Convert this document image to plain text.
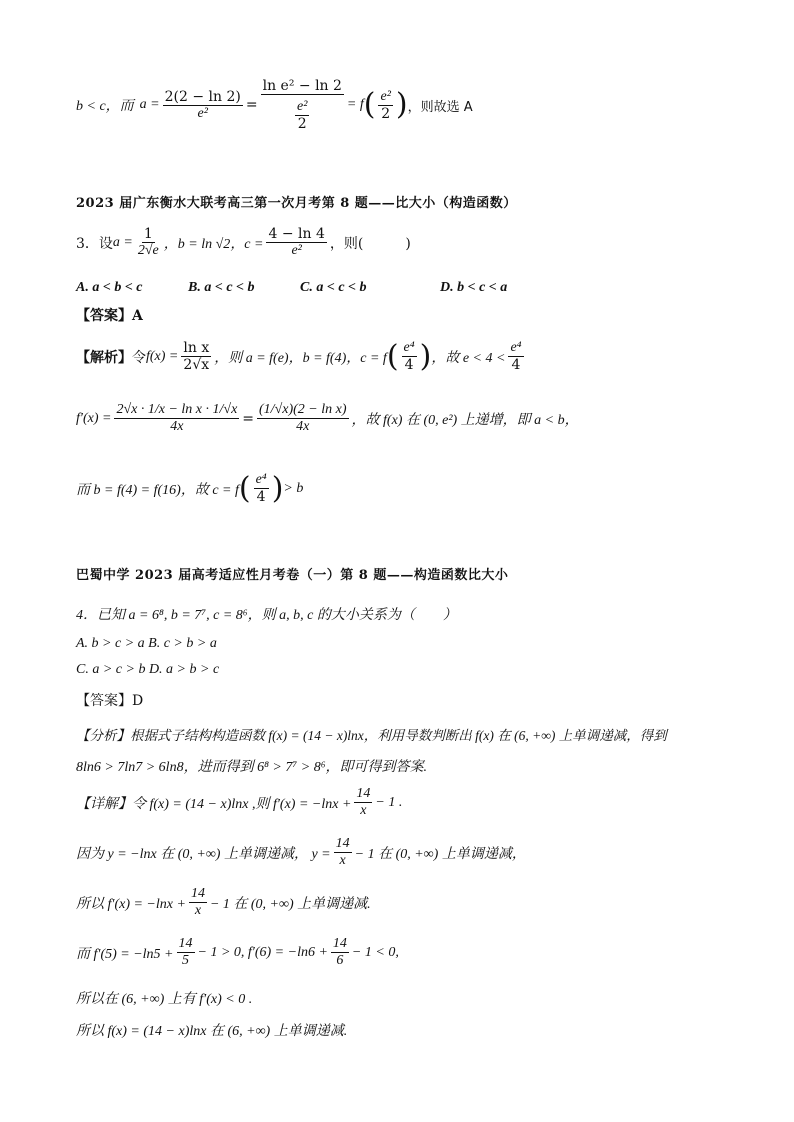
b < c，而 $a = \frac{2(2 - \ln 2)}{\text{e²}} = \frac{\text{ln e² − ln 2}}{\frac{\text{e²}}{2}} = f$ ( $\frac{\text{e²}}{2}$ ) ，则故选 A
2023 届广东衡水大联考高三第一次月考第 8 题——比大小（构造函数）
3．设 $a = \frac{1}{2√e}$ ，b = ln √2 ，$c = \frac{4 - \ln 4}{\text{e²}}$ ，则(　　　)
A. a < b < c	B. a < c < b	C. a < c < b	D. b < c < a
【答案】A
【解析】 令 $f(x) = \frac{\text{ln x}}{2√x}$ ，则 a = f(e)，b = f(4)，c = f ( $\frac{\text{e⁴}}{4}$ ) ，故 $e < 4 < \frac{\text{e⁴}}{4}$
$f'(x) = \frac{\text{2√x · 1/x − ln x · 1/√x}}{4x} = \frac{\text{(1/√x)(2 − ln x)}}{4x}$ ，故 f(x) 在 (0, e²) 上递增，即 a < b，
而 b = f(4) = f(16)，故 c = f ( $\frac{\text{e⁴}}{4}$ ) > b
巴蜀中学 2023 届高考适应性月考卷（一）第 8 题——构造函数比大小
4．已知 a = 6⁸, b = 7⁷, c = 8⁶，则 a, b, c 的大小关系为（　　）
A. b > c > a B. c > b > a
C. a > c > b D. a > b > c
【答案】D
【分析】根据式子结构构造函数 f(x) = (14 − x)lnx，利用导数判断出 f(x) 在 (6, +∞) 上单调递减，得到
8ln6 > 7ln7 > 6ln8，进而得到 6⁸ > 7⁷ > 8⁶，即可得到答案.
【详解】令 f(x) = (14 − x)lnx ,则 $f'(x) = -\ln x + \frac{14}{x} - 1$ .
因为 y = −lnx 在 (0, +∞) 上单调递减， $y = \frac{14}{x} - 1$ 在 (0, +∞) 上单调递减，
所以 $f'(x) = -\ln x + \frac{14}{x} - 1$ 在 (0, +∞) 上单调递减.
而 $f'(5) = -\ln 5 + \frac{14}{5} - 1 > 0$, $f'(6) = -\ln 6 + \frac{14}{6} - 1 < 0$,
所以在 (6, +∞) 上有 f′(x) < 0 .
所以 f(x) = (14 − x)lnx 在 (6, +∞) 上单调递减.
